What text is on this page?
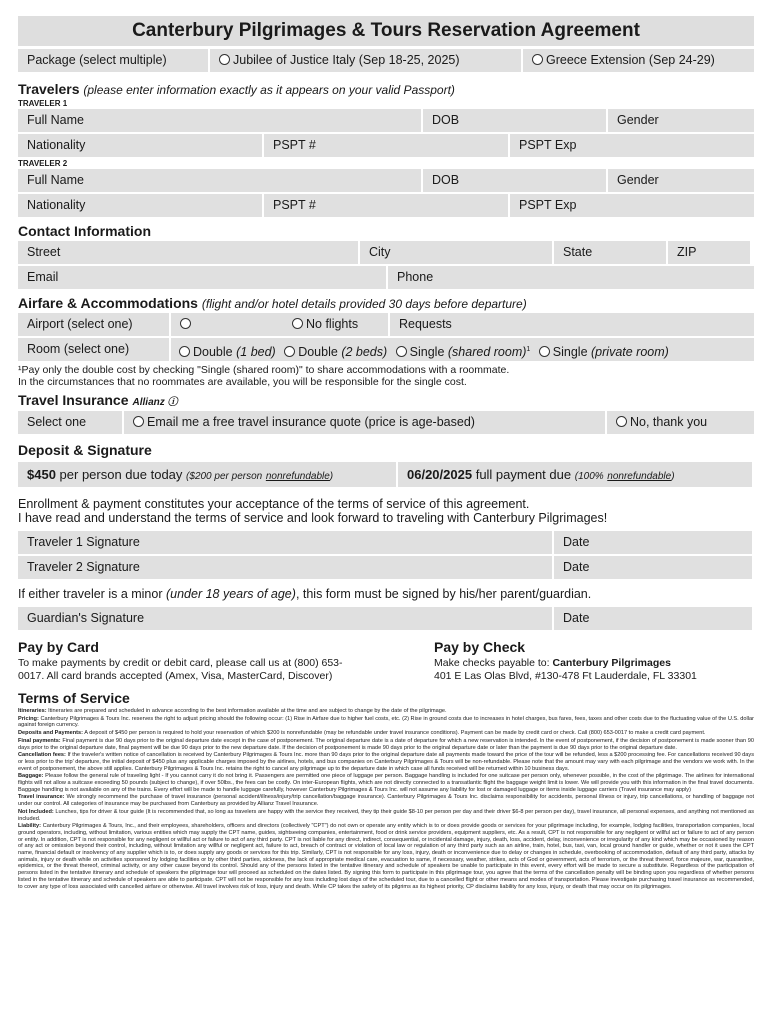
Canterbury Pilgrimages & Tours Reservation Agreement
Package (select multiple)	Jubilee of Justice Italy (Sep 18-25, 2025)	Greece Extension (Sep 24-29)
Travelers (please enter information exactly as it appears on your valid Passport)
TRAVELER 1
Full Name	DOB	Gender
Nationality	PSPT #	PSPT Exp
TRAVELER 2
Full Name	DOB	Gender
Nationality	PSPT #	PSPT Exp
Contact Information
Street	City	State	ZIP
Email	Phone
Airfare & Accommodations (flight and/or hotel details provided 30 days before departure)
Airport (select one)	No flights	Requests
Room (select one)	Double (1 bed) Double (2 beds) Single (shared room)$^1$ Single (private room)
¹Pay only the double cost by checking "Single (shared room)" to share accommodations with a roommate.
In the circumstances that no roommates are available, you will be responsible for the single cost.
Travel Insurance Allianz ⓘ
Select one	Email me a free travel insurance quote (price is age-based)	No, thank you
Deposit & Signature
$450 per person due today ($200 per person nonrefundable)	06/20/2025 full payment due (100% nonrefundable)
Enrollment & payment constitutes your acceptance of the terms of service of this agreement.
I have read and understand the terms of service and look forward to traveling with Canterbury Pilgrimages!
Traveler 1 Signature	Date
Traveler 2 Signature	Date
If either traveler is a minor (under 18 years of age), this form must be signed by his/her parent/guardian.
Guardian's Signature	Date
Pay by Card
To make payments by credit or debit card, please call us at (800) 653-
0017. All card brands accepted (Amex, Visa, MasterCard, Discover)
Pay by Check
Make checks payable to: Canterbury Pilgrimages
401 E Las Olas Blvd, #130-478 Ft Lauderdale, FL 33301
Terms of Service

Itineraries: Itineraries are prepared and scheduled in advance according to the best information available at the time and are subject to change by the date of the pilgrimage.

Pricing: Canterbury Pilgrimages & Tours Inc. reserves the right to adjust pricing should the following occur: (1) Rise in Airfare due to higher fuel costs, etc. (2) Rise in ground costs due to increases in hotel charges, bus fares, fees, taxes and other costs due to the fluctuating value of the U.S. dollar against foreign currency.

Deposits and Payments: A deposit of $450 per person is required to hold your reservation of which $200 is nonrefundable (may be refundable under travel insurance conditions). Payment can be made by credit card or check. Call (800) 653-0017 to make a credit card payment.

Final payments: Final payment is due 90 days prior to the original departure date except in the case of postponement. The original departure date is a date of departure for which a new reservation is intended. In the event of postponement, if the decision of postponement is made sooner than 90 days prior to the original departure date, final payment will be due 90 days prior to the new departure date. If the decision of postponement is made 90 days prior to the original departure date or later than the payment is due 90 days prior to the original departure date.

Cancellation fees: If the traveler's written notice of cancellation is received by Canterbury Pilgrimages & Tours Inc. more than 90 days prior to the original departure date all payments made toward the price of the tour will be refunded, less a $200 processing fee. For cancellations received 90 days or less prior to the trip' departure, the initial deposit of $450 plus any applicable charges imposed by the airlines, hotels, and bus companies on Canterbury Pilgrimages & Tours will be non-refundable. Please note that the amount may vary with each pilgrimage and the vendors we work with. In the event of postponement, the above still applies. Canterbury Pilgrimages & Tours Inc. retains the right to cancel any pilgrimage up to the departure date in which case all funds received will be returned within 10 business days.

Baggage: Please follow the general rule of traveling light - If you cannot carry it do not bring it. Passengers are permitted one piece of luggage per person. Baggage handling is included for one suitcase per person only, whenever possible, in the cost of the pilgrimage. The airlines for international flights will not allow a suitcase exceeding 50 pounds (subject to change), if over 50lbs., the fees can be costly. On inter-European flights, which are not directly connected to a transatlantic flight the baggage weight limit is lower. We will provide you with this information in the final travel documents. Baggage handling is not available on any of the trains. Every effort will be made to handle luggage carefully, however Canterbury Pilgrimages & Tours Inc. will not assume any liability for lost or damaged luggage or items inside luggage carriers (Travel insurance may apply)

Travel insurance: We strongly recommend the purchase of travel insurance (personal accident/illness/injury/trip cancellation/baggage insurance). Canterbury Pilgrimages & Tours Inc. disclaims responsibility for accidents, personal illness or injury, trip cancellations, or handling of baggage not under our control. All categories of insurance may be purchased from Canterbury as provided by Allianz Travel Insurance.

Not Included: Lunches, tips for driver & tour guide (It is recommended that, so long as travelers are happy with the service they received, they tip their guide $8-10 per person per day and their driver $6-8 per person per day), travel insurance, all personal expenses, and anything not mentioned as included.

Liability: Canterbury Pilgrimages & Tours, Inc., and their employees, shareholders, officers and directors (collectively "CPT") do not own or operate any entity which is to or does provide goods or services for your pilgrimage including, for example, lodging facilities, transportation companies, local ground operators, including, without limitation, various entities which may supply the CPT name, guides, sightseeing companies, entertainment, food or drink service providers, equipment suppliers, etc. As a result, CPT is not responsible for any negligent or willful act or failure to act of any person or entity. In addition, CPT is not responsible for any negligent or willful act or failure to act of any third party. CPT is not liable for any direct, indirect, consequential, or incidental damage, injury, death, loss, accident, delay, inconvenience or irregularity of any kind which may be occasioned by reason of any act or omission beyond their control, including, without limitation any willful or negligent act, failure to act, breach of contract or violation of local law or regulation of any third party such as an airline, train, hotel, bus, taxi, van, local ground handler or guide, whether or not it uses the CPT name, financial default or insolvency of any supplier which is to, or does supply any goods or services for this trip. Similarly, CPT is not responsible for any loss, injury, death or inconvenience due to delay or changes in schedule, overbooking of accommodation, default of any third party, attacks by animals, injury or death while on activities sponsored by lodging facilities or by other third parties, sickness, the lack of appropriate medical care, evacuation to same, if necessary, weather, strikes, acts of God or government, acts of terrorism, or the threat thereof, force majeure, war, quarantine, epidemics, or the threat thereof, criminal activity, or any other cause beyond its control. Should any of the persons listed in the tentative itinerary and schedule of speakers be unable to participate in this event, every effort will be made to secure a substitute. Regardless of the participation of persons listed in the tentative itinerary and schedule of speakers the pilgrimage tour will proceed as scheduled on the dates listed. By signing this form to participate in this pilgrimage tour, you agree that the terms of the cancellation penalty will be binding upon you regardless of whether persons listed in the tentative itinerary and schedule of speakers are able to participate. CPT will not be responsible for any loss including lost days of the scheduled tour, due to a cancelled flight or other means and modes of transportation. Please investigate purchasing travel insurance as recommended, to cover any type of loss associated with cancelled airfare or otherwise. All travel involves risk of loss, injury and death. While CP takes the safety of its pilgrims as its highest priority, CP disclaims liability for any loss, injury, or death that may occur on its pilgrimages.
